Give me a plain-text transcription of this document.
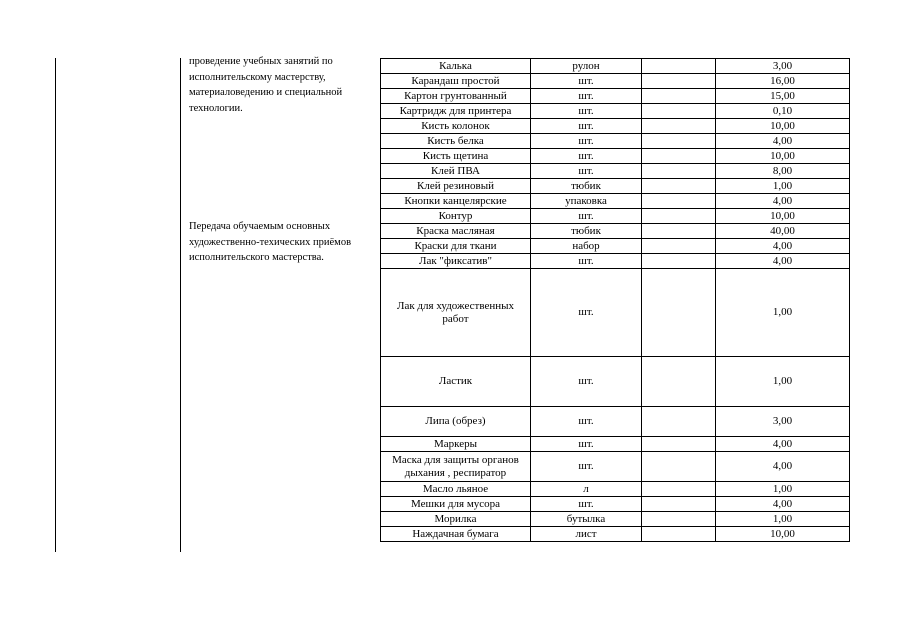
проведение учебных занятий по исполнительскому мастерству, материаловедению и специальной технологии.

Передача обучаемым основных художественно-техических приёмов исполнительского мастерства.

Калька	рулон		3,00
Карандаш простой	шт.		16,00
Картон грунтованный	шт.		15,00
Картридж для принтера	шт.		0,10
Кисть колонок	шт.		10,00
Кисть белка	шт.		4,00
Кисть щетина	шт.		10,00
Клей ПВА	шт.		8,00
Клей резиновый	тюбик		1,00
Кнопки канцелярские	упаковка		4,00
Контур	шт.		10,00
Краска масляная	тюбик		40,00
Краски для ткани	набор		4,00
Лак "фиксатив"	шт.		4,00
Лак для художественных работ	шт.		1,00
Ластик	шт.		1,00
Липа (обрез)	шт.		3,00
Маркеры	шт.		4,00
Маска для защиты органов дыхания , респиратор	шт.		4,00
Масло льяное	л		1,00
Мешки для мусора	шт.		4,00
Морилка	бутылка		1,00
Наждачная бумага	лист		10,00
